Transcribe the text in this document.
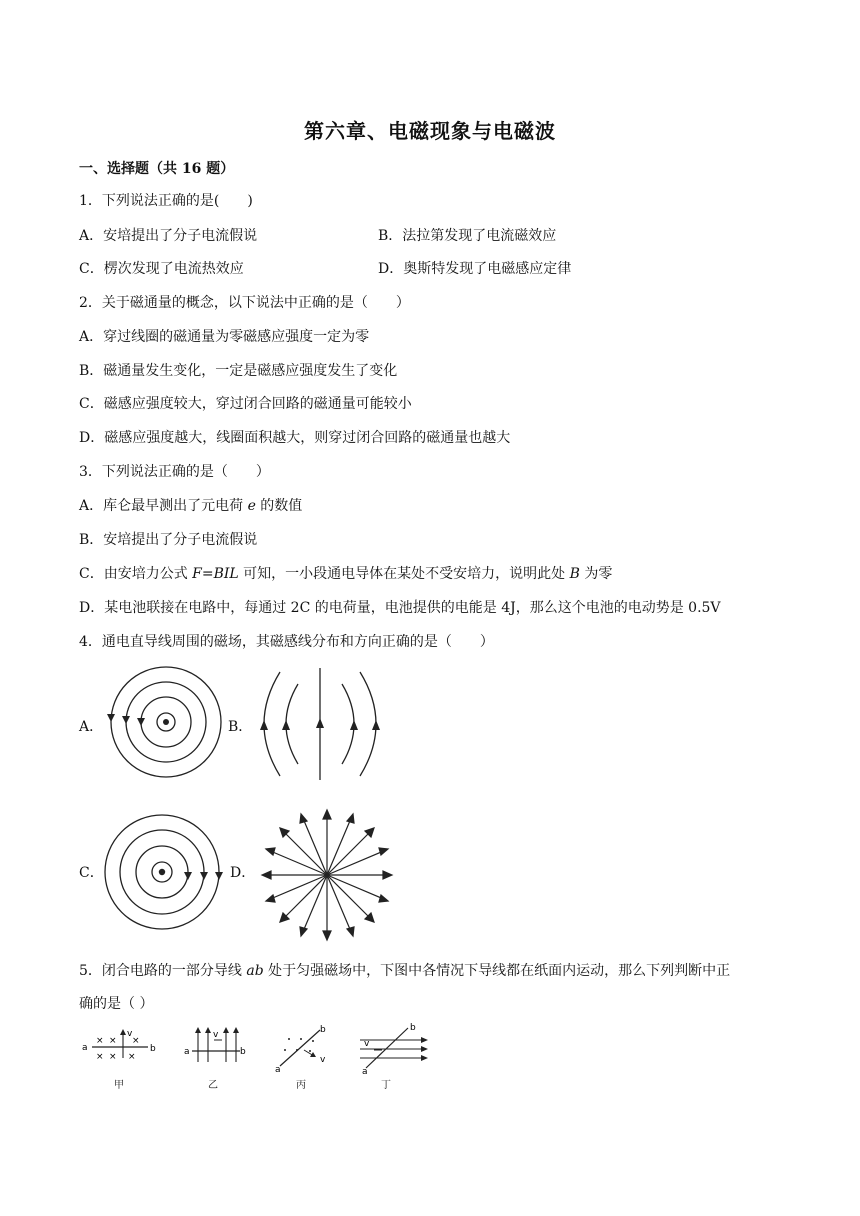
第六章、电磁现象与电磁波
一、选择题（共 16 题）
1．下列说法正确的是(　　)
A．安培提出了分子电流假说	B．法拉第发现了电流磁效应
C．楞次发现了电流热效应	D．奥斯特发现了电磁感应定律
2．关于磁通量的概念，以下说法中正确的是（　　）
A．穿过线圈的磁通量为零磁感应强度一定为零
B．磁通量发生变化，一定是磁感应强度发生了变化
C．磁感应强度较大，穿过闭合回路的磁通量可能较小
D．磁感应强度越大，线圈面积越大，则穿过闭合回路的磁通量也越大
3．下列说法正确的是（　　）
A．库仑最早测出了元电荷 e 的数值
B．安培提出了分子电流假说
C．由安培力公式 F=BIL 可知，一小段通电导体在某处不受安培力，说明此处 B 为零
D．某电池联接在电路中，每通过 2C 的电荷量，电池提供的电能是 4J，那么这个电池的电动势是 0.5V
4．通电直导线周围的磁场，其磁感线分布和方向正确的是（　　）
A．	B．
C．	D．
5．闭合电路的一部分导线 ab 处于匀强磁场中，下图中各情况下导线都在纸面内运动，那么下列判断中正
确的是（ ）
a	b
v
× × ×
× × ×
甲
a	b
v
乙
a
b
v
丙
v
a
b
丁
